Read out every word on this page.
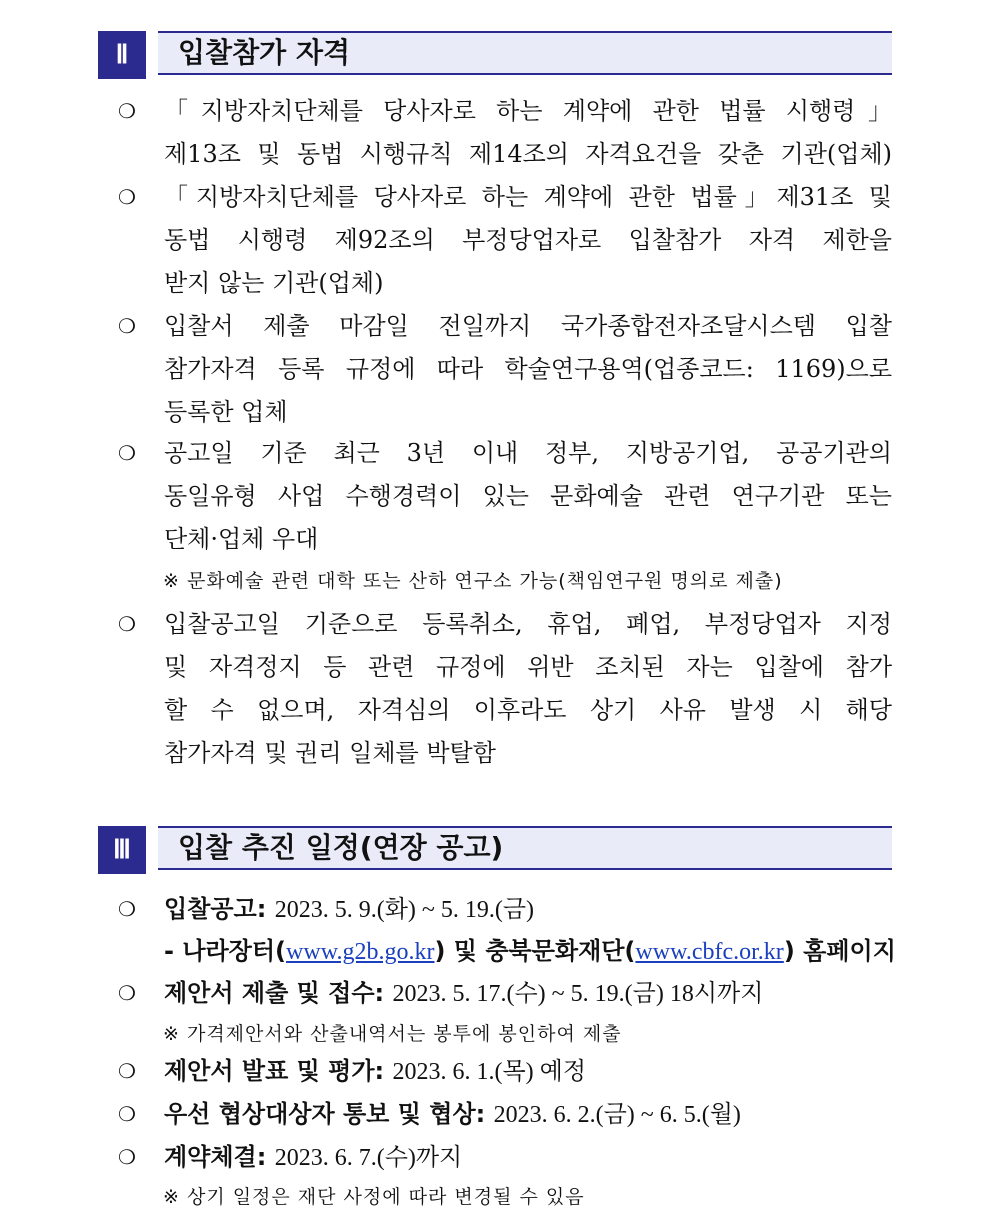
Ⅱ	입찰참가 자격
❍ 「지방자치단체를 당사자로 하는 계약에 관한 법률 시행령」
제13조 및 동법 시행규칙 제14조의 자격요건을 갖춘 기관(업체)
❍ 「지방자치단체를 당사자로 하는 계약에 관한 법률」제31조 및
동법 시행령 제92조의 부정당업자로 입찰참가 자격 제한을
받지 않는 기관(업체)
❍ 입찰서 제출 마감일 전일까지 국가종합전자조달시스템 입찰
참가자격 등록 규정에 따라 학술연구용역(업종코드: 1169)으로
등록한 업체
❍ 공고일 기준 최근 3년 이내 정부, 지방공기업, 공공기관의
동일유형 사업 수행경력이 있는 문화예술 관련 연구기관 또는
단체·업체 우대
※ 문화예술 관련 대학 또는 산하 연구소 가능(책임연구원 명의로 제출)
❍ 입찰공고일 기준으로 등록취소, 휴업, 폐업, 부정당업자 지정
및 자격정지 등 관련 규정에 위반 조치된 자는 입찰에 참가
할 수 없으며, 자격심의 이후라도 상기 사유 발생 시 해당
참가자격 및 권리 일체를 박탈함
Ⅲ	입찰 추진 일정(연장 공고)
❍ 입찰공고: 2023. 5. 9.(화) ~ 5. 19.(금)
- 나라장터(www.g2b.go.kr) 및 충북문화재단(www.cbfc.or.kr) 홈페이지
❍ 제안서 제출 및 접수: 2023. 5. 17.(수) ~ 5. 19.(금) 18시까지
※ 가격제안서와 산출내역서는 봉투에 봉인하여 제출
❍ 제안서 발표 및 평가: 2023. 6. 1.(목) 예정
❍ 우선 협상대상자 통보 및 협상: 2023. 6. 2.(금) ~ 6. 5.(월)
❍ 계약체결: 2023. 6. 7.(수)까지
※ 상기 일정은 재단 사정에 따라 변경될 수 있음
